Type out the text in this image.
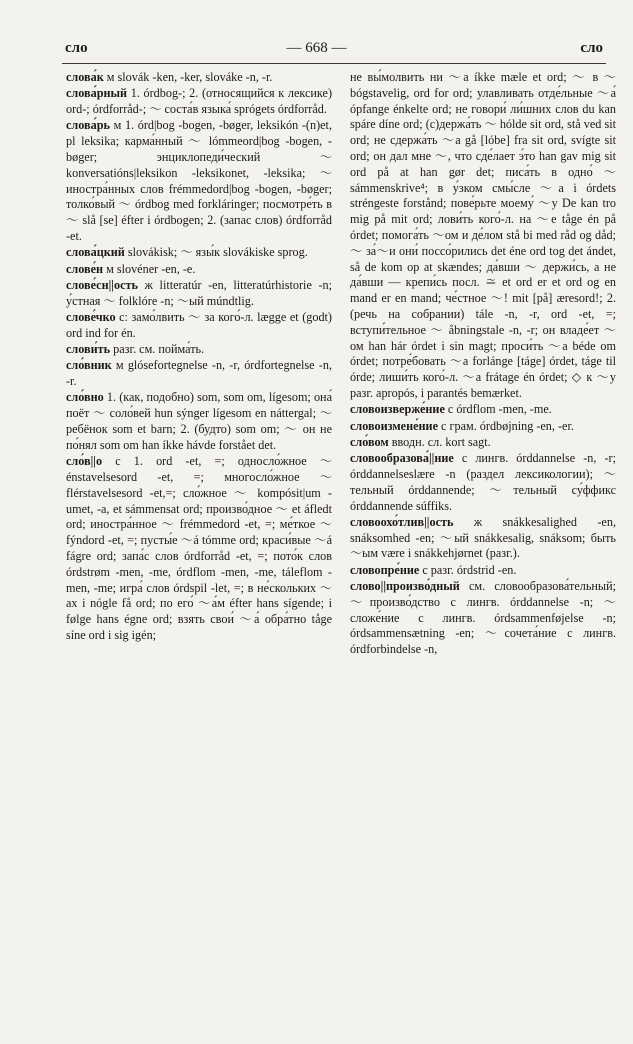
сло	— 668 —	сло

слова́к м slovák -ken, -ker, slováke -n, -r.

слова́рный 1. órdbog-; 2. (относящийся к лексике) ord-; órdforråd-; ～ соста́в языка́ sprógets órdforråd.

слова́рь м 1. órd|bog -bogen, -bøger, leksikón -(n)et, pl leksika; карма́нный ～ lómmeord|bog -bogen, -bøger; энциклопеди́ческий ～ konversatións|leksikon -leksikonet, -leksika; ～ иностра́нных слов frémmedord|bog -bogen, -bøger; толко́вый ～ órdbog med forkláringer; посмотре́ть в ～ slå [se] éfter i órdbogen; 2. (запас слов) órdforråd -et.

слова́цкий slovákisk; ～ язы́к slovákiske sprog.

слове́н м slovéner -en, -e.

слове́сн||ость ж litteratúr -en, litteratúrhistorie -n; у́стная ～ folklóre -n; ～ый múndtlig.

слове́чко с: замо́лвить ～ за кого́-л. lægge et (godt) ord ind for én.

слови́ть разг. см. пойма́ть.

сло́вник м glósefortegnelse -n, -r, órdfortegnelse -n, -r.

сло́вно 1. (как, подобно) som, som om, lígesom; она́ поёт ～ соло́вей hun sýnger lígesom en náttergal; ～ ребёнок som et barn; 2. (будто) som om; ～ он не по́нял som om han íkke hávde forstået det.

сло́в||о с 1. ord -et, =; односло́жное ～ énstavelsesord -et, =; многосло́жное ～ flérstavelsesord -et,=; сло́жное ～ kompósit|um -umet, -a, et sámmensat ord; произво́дное ～ et áfledt ord; иностра́нное ～ frémmedord -et, =; ме́ткое ～ fýndord -et, =; пусты́е ～á tómme ord; краси́вые ～á fágre ord; запа́с слов órdforråd -et, =; пото́к слов órdstrøm -men, -me, órdflom -men, -me, táleflom -men, -me; игра́ слов órdspil -let, =; в не́скольких ～ах i nógle få ord; по его́ ～а́м éfter hans sígende; i følge hans égne ord; взять свои́ ～а́ обра́тно tåge síne ord i sig igén;

не вы́молвить ни ～а íkke mæle et ord; ～ в ～ bógstavelig, ord for ord; улавливать отде́льные ～а́ ópfange énkelte ord; не говори́ ли́шних слов du kan spáre díne ord; (с)держа́ть ～ hólde sit ord, stå ved sit ord; не сдержа́ть ～а gå [lóbe] fra sit ord, svígte sit ord; он дал мне ～, что сде́лает э́то han gav mig sit ord på at han gør det; писа́ть в одно́ ～ sámmenskrive⁴; в у́зком смы́сле ～а i órdets stréngeste forstånd; пове́рьте моему́ ～у De kan tro mig på mit ord; лови́ть кого́-л. на ～е tåge én på órdet; помога́ть ～ом и де́лом stå bi med råd og dåd; ～ за́～и они́ поссо́рились det éne ord tog det ándet, så de kom op at skændes; да́вши ～ держи́сь, а не да́вши — крепи́сь посл. ≅ et ord er et ord og en mand er en mand; че́стное ～! mit [på] æresord!; 2. (речь на собрании) tále -n, -r, ord -et, =; вступи́тельное ～ åbningstale -n, -r; он владе́ет ～ом han hár órdet i sin magt; проси́ть ～а béde om órdet; потре́бовать ～а forlánge [táge] órdet, táge til órde; лиши́ть кого́-л. ～а frátage én órdet; ◇ к ～у разг. apropós, i parantés bemærket.

словоизверже́ние с órdflom -men, -me.

словоизмене́ние с грам. órdbøjning -en, -er.

сло́вом вводн. сл. kort sagt.

словообразова́||ние с лингв. órddannelse -n, -r; órddannelseslære -n (раздел лексикологии); ～тельный órddannende; ～тельный су́ффикс órddannende súffiks.

словоохо́тлив||ость ж snákkesalighed -en, snáksomhed -en; ～ый snákkesalig, snáksom; быть ～ым være i snákkehjørnet (разг.).

словопре́ние с разг. órdstrid -en.

слово||произво́дный см. словообразова́тельный; ～произво́дство с лингв. órddannelse -n; ～сложе́ние с лингв. órdsammenføjelse -n; órdsammensætning -en; ～сочета́ние с лингв. órdforbindelse -n,
